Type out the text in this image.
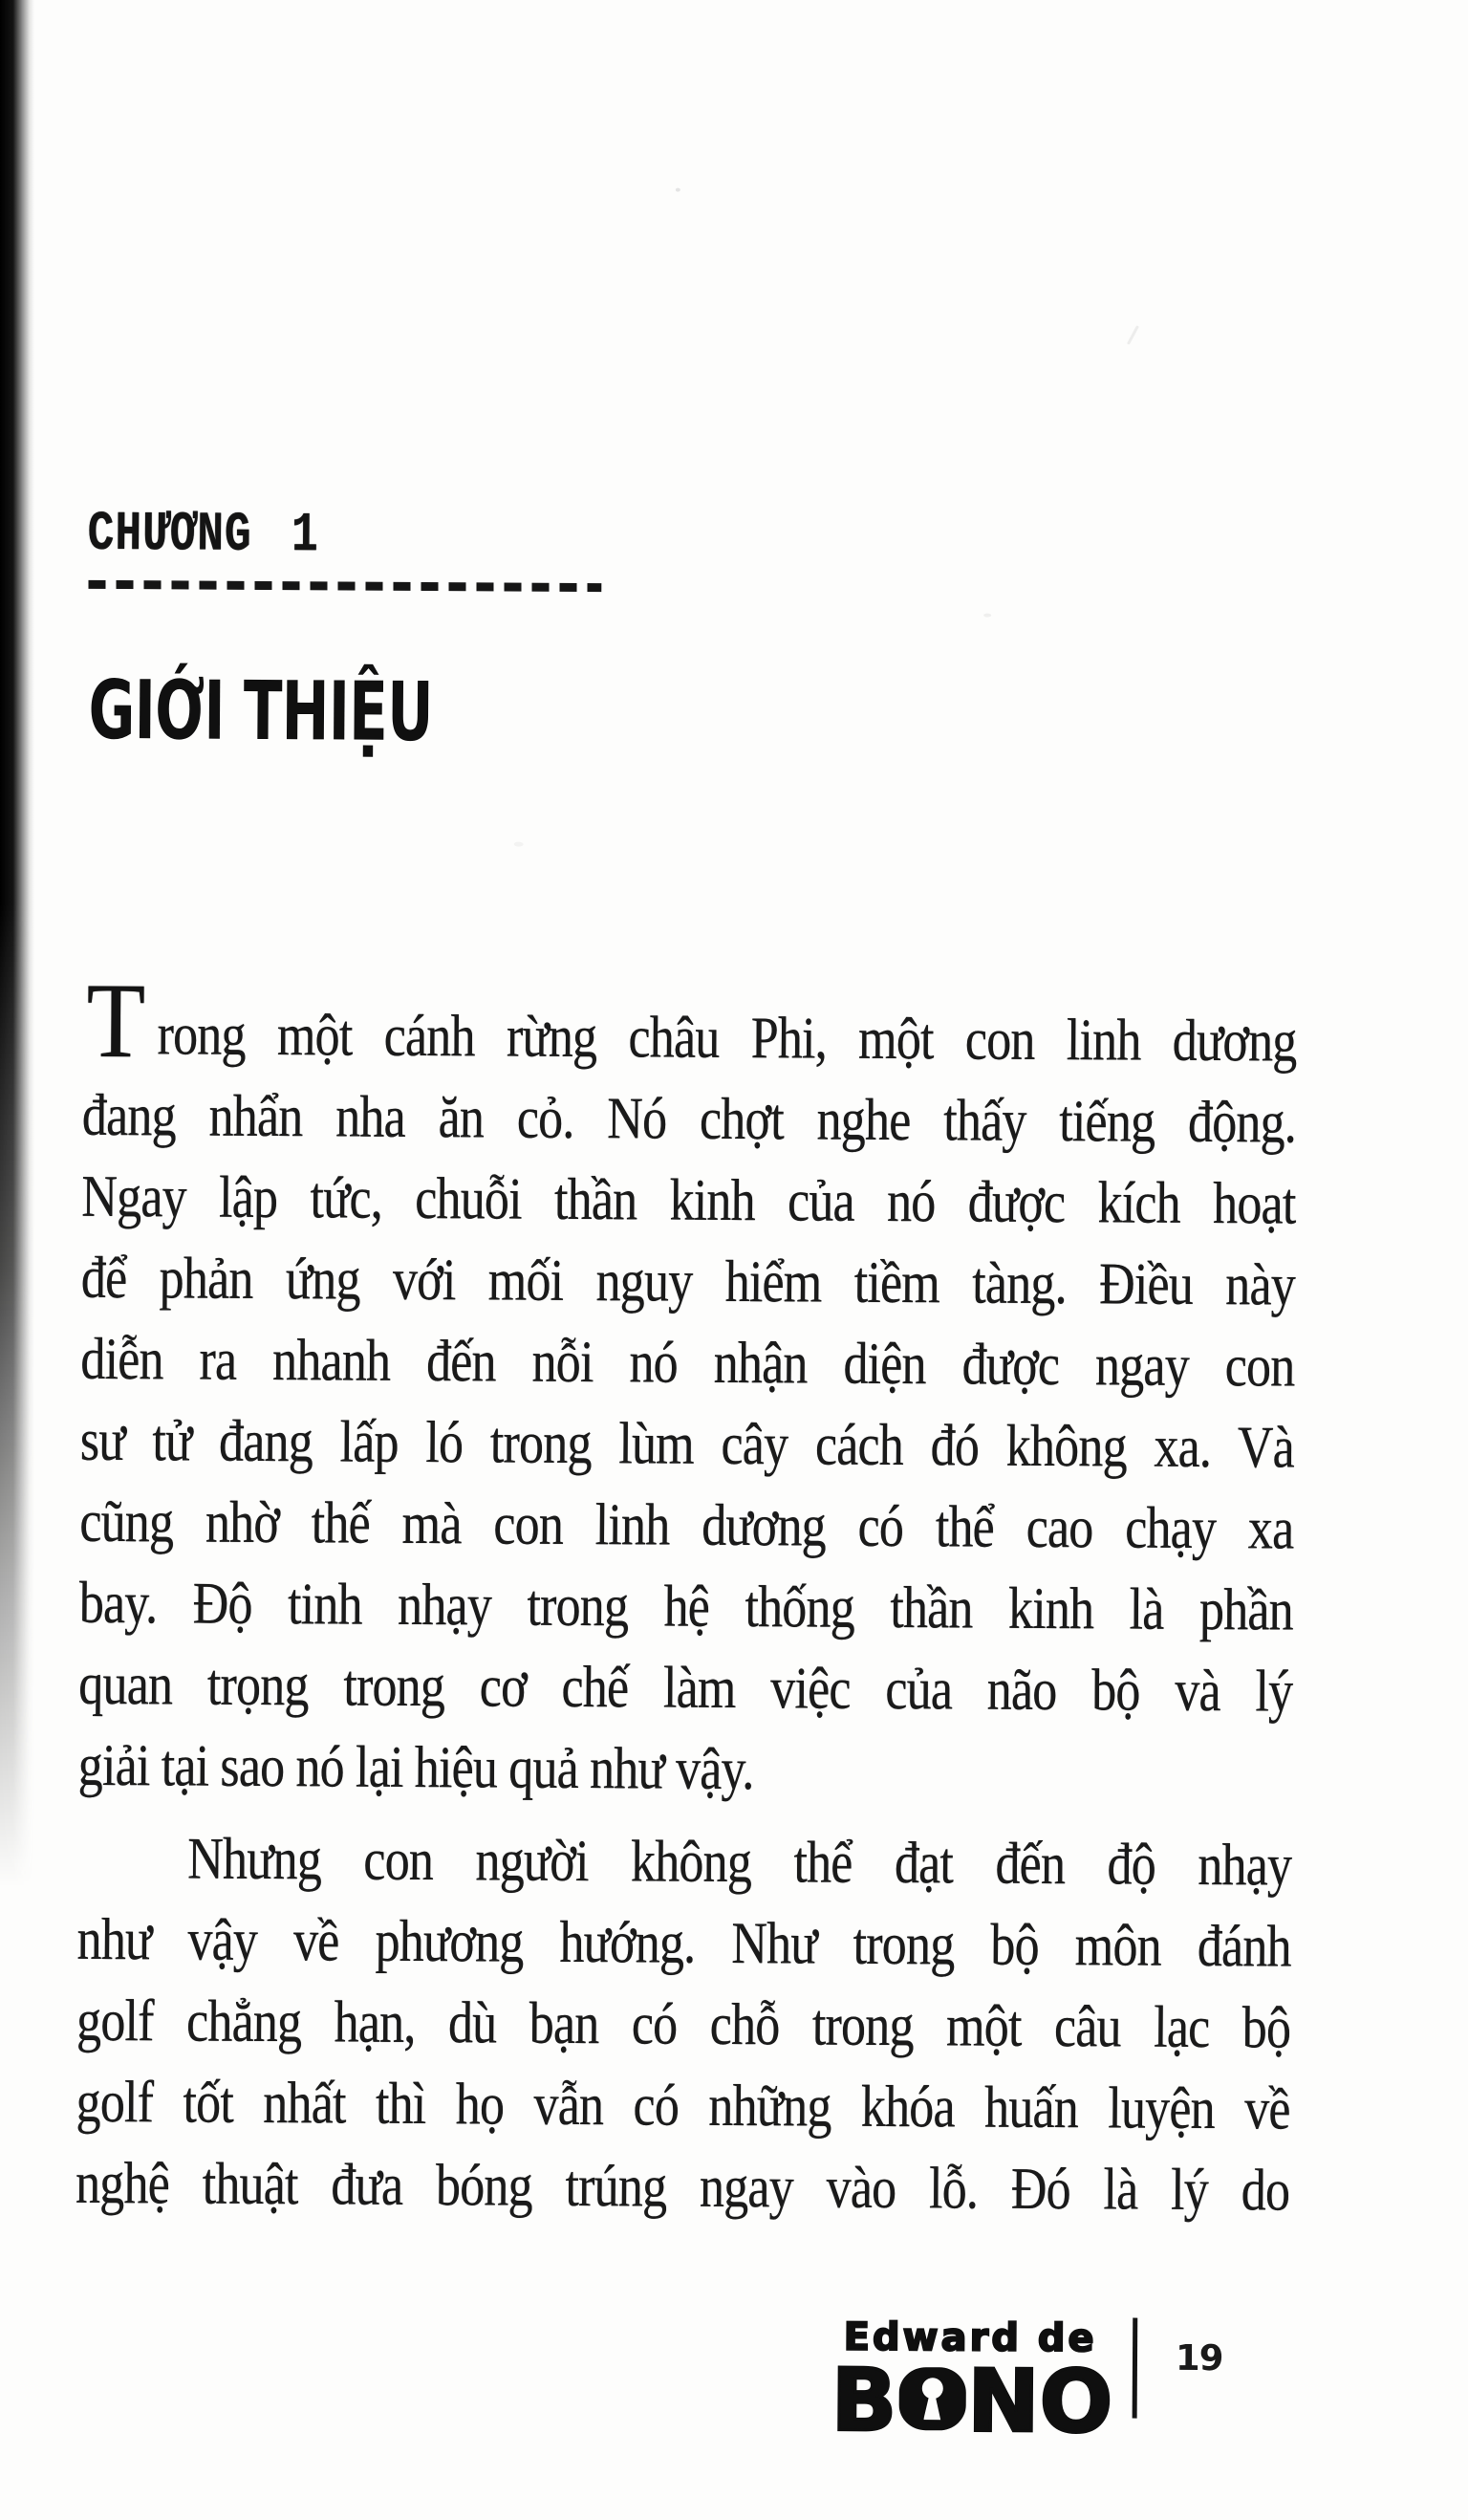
CHƯƠNG 1
GIỚI THIỆU
T rong một cánh rừng châu Phi, một con linh dương
đang nhẩn nha ăn cỏ. Nó chợt nghe thấy tiếng động.
Ngay lập tức, chuỗi thần kinh của nó được kích hoạt
để phản ứng với mối nguy hiểm tiềm tàng. Điều này
diễn ra nhanh đến nỗi nó nhận diện được ngay con
sư tử đang lấp ló trong lùm cây cách đó không xa. Và
cũng nhờ thế mà con linh dương có thể cao chạy xa
bay. Độ tinh nhạy trong hệ thống thần kinh là phần
quan trọng trong cơ chế làm việc của não bộ và lý
giải tại sao nó lại hiệu quả như vậy.
Nhưng con người không thể đạt đến độ nhạy
như vậy về phương hướng. Như trong bộ môn đánh
golf chẳng hạn, dù bạn có chỗ trong một câu lạc bộ
golf tốt nhất thì họ vẫn có những khóa huấn luyện về
nghệ thuật đưa bóng trúng ngay vào lỗ. Đó là lý do
Edward de
B NO 19
